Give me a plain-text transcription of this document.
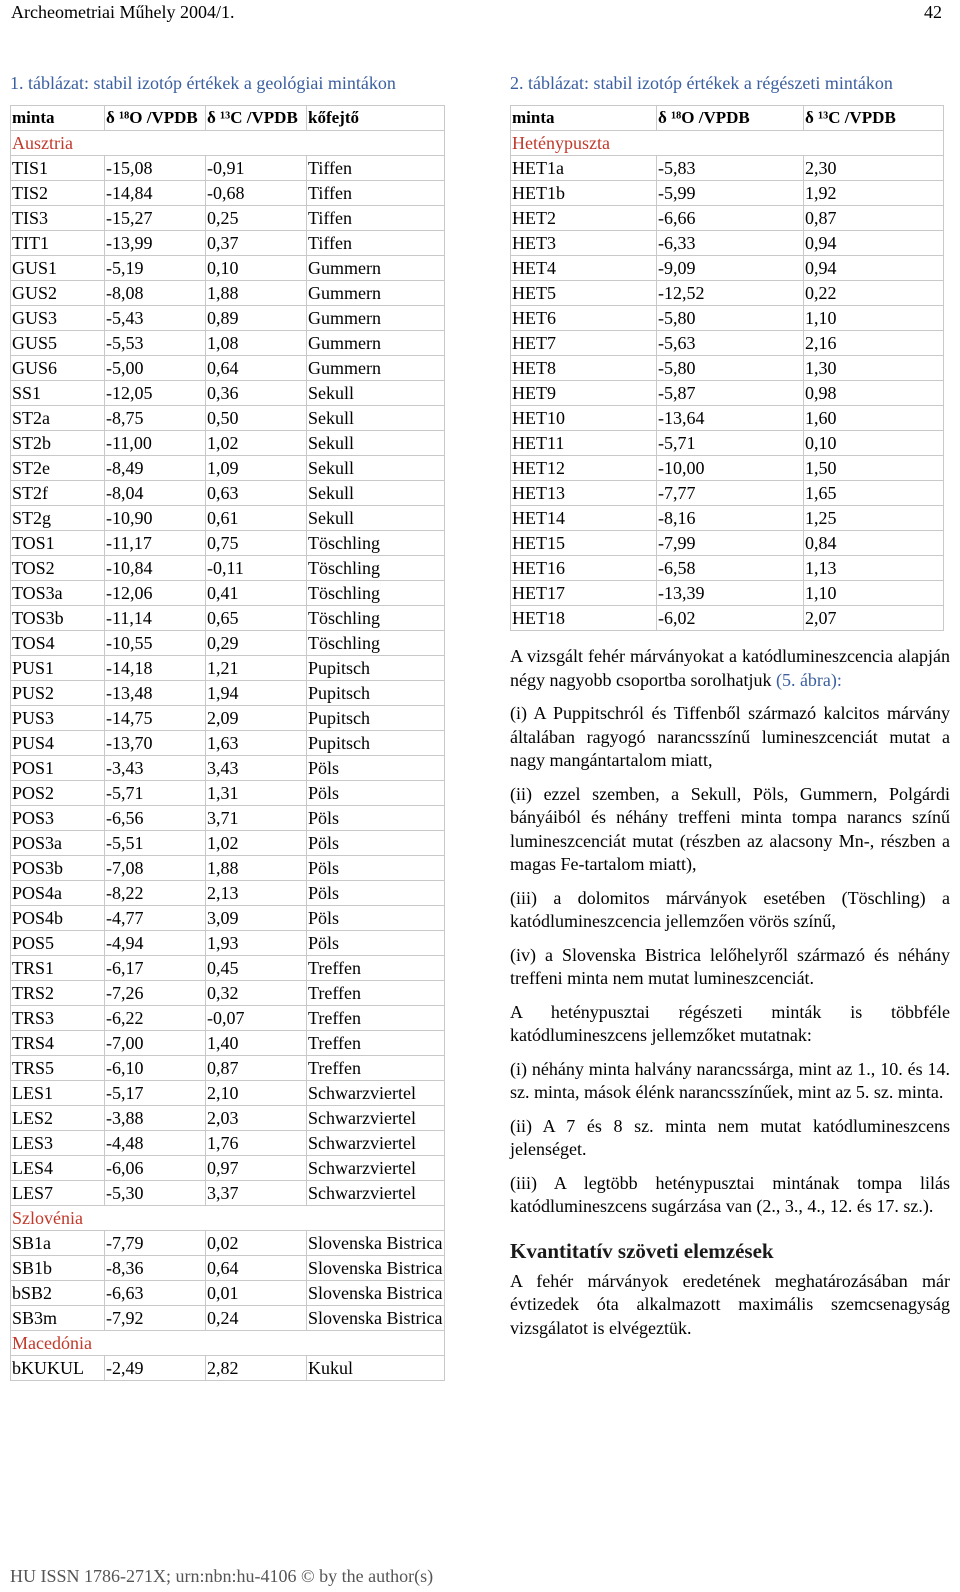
Archeometriai Műhely 2004/1.	42
1. táblázat: stabil izotóp értékek a geológiai mintákon
minta	δ ¹⁸O /VPDB	δ ¹³C /VPDB	kőfejtő
Ausztria			
TIS1	-15,08	-0,91	Tiffen
TIS2	-14,84	-0,68	Tiffen
TIS3	-15,27	0,25	Tiffen
TIT1	-13,99	0,37	Tiffen
GUS1	-5,19	0,10	Gummern
GUS2	-8,08	1,88	Gummern
GUS3	-5,43	0,89	Gummern
GUS5	-5,53	1,08	Gummern
GUS6	-5,00	0,64	Gummern
SS1	-12,05	0,36	Sekull
ST2a	-8,75	0,50	Sekull
ST2b	-11,00	1,02	Sekull
ST2e	-8,49	1,09	Sekull
ST2f	-8,04	0,63	Sekull
ST2g	-10,90	0,61	Sekull
TOS1	-11,17	0,75	Töschling
TOS2	-10,84	-0,11	Töschling
TOS3a	-12,06	0,41	Töschling
TOS3b	-11,14	0,65	Töschling
TOS4	-10,55	0,29	Töschling
PUS1	-14,18	1,21	Pupitsch
PUS2	-13,48	1,94	Pupitsch
PUS3	-14,75	2,09	Pupitsch
PUS4	-13,70	1,63	Pupitsch
POS1	-3,43	3,43	Pöls
POS2	-5,71	1,31	Pöls
POS3	-6,56	3,71	Pöls
POS3a	-5,51	1,02	Pöls
POS3b	-7,08	1,88	Pöls
POS4a	-8,22	2,13	Pöls
POS4b	-4,77	3,09	Pöls
POS5	-4,94	1,93	Pöls
TRS1	-6,17	0,45	Treffen
TRS2	-7,26	0,32	Treffen
TRS3	-6,22	-0,07	Treffen
TRS4	-7,00	1,40	Treffen
TRS5	-6,10	0,87	Treffen
LES1	-5,17	2,10	Schwarzviertel
LES2	-3,88	2,03	Schwarzviertel
LES3	-4,48	1,76	Schwarzviertel
LES4	-6,06	0,97	Schwarzviertel
LES7	-5,30	3,37	Schwarzviertel
Szlovénia			
SB1a	-7,79	0,02	Slovenska Bistrica
SB1b	-8,36	0,64	Slovenska Bistrica
bSB2	-6,63	0,01	Slovenska Bistrica
SB3m	-7,92	0,24	Slovenska Bistrica
Macedónia			
bKUKUL	-2,49	2,82	Kukul
2. táblázat: stabil izotóp értékek a régészeti mintákon
minta	δ ¹⁸O /VPDB	δ ¹³C /VPDB
Heténypuszta		
HET1a	-5,83	2,30
HET1b	-5,99	1,92
HET2	-6,66	0,87
HET3	-6,33	0,94
HET4	-9,09	0,94
HET5	-12,52	0,22
HET6	-5,80	1,10
HET7	-5,63	2,16
HET8	-5,80	1,30
HET9	-5,87	0,98
HET10	-13,64	1,60
HET11	-5,71	0,10
HET12	-10,00	1,50
HET13	-7,77	1,65
HET14	-8,16	1,25
HET15	-7,99	0,84
HET16	-6,58	1,13
HET17	-13,39	1,10
HET18	-6,02	2,07

A vizsgált fehér márványokat a katódlumineszcencia alapján négy nagyobb csoportba sorolhatjuk (5. ábra):

(i) A Puppitschról és Tiffenből származó kalcitos márvány általában ragyogó narancsszínű lumineszcenciát mutat a nagy mangántartalom miatt,

(ii) ezzel szemben, a Sekull, Pöls, Gummern, Polgárdi bányáiból és néhány treffeni minta tompa narancs színű lumineszcenciát mutat (részben az alacsony Mn-, részben a magas Fe-tartalom miatt),

(iii) a dolomitos márványok esetében (Töschling) a katódlumineszcencia jellemzően vörös színű,

(iv) a Slovenska Bistrica lelőhelyről származó és néhány treffeni minta nem mutat lumineszcenciát.

A heténypusztai régészeti minták is többféle katódlumineszcens jellemzőket mutatnak:

(i) néhány minta halvány narancssárga, mint az 1., 10. és 14. sz. minta, mások élénk narancsszínűek, mint az 5. sz. minta.

(ii) A 7 és 8 sz. minta nem mutat katódlumineszcens jelenséget.

(iii) A legtöbb heténypusztai mintának tompa lilás katódlumineszcens sugárzása van (2., 3., 4., 12. és 17. sz.).

Kvantitatív szöveti elemzések

A fehér márványok eredetének meghatározásában már évtizedek óta alkalmazott maximális szemcsenagyság vizsgálatot is elvégeztük.

HU ISSN 1786-271X; urn:nbn:hu-4106 © by the author(s)
